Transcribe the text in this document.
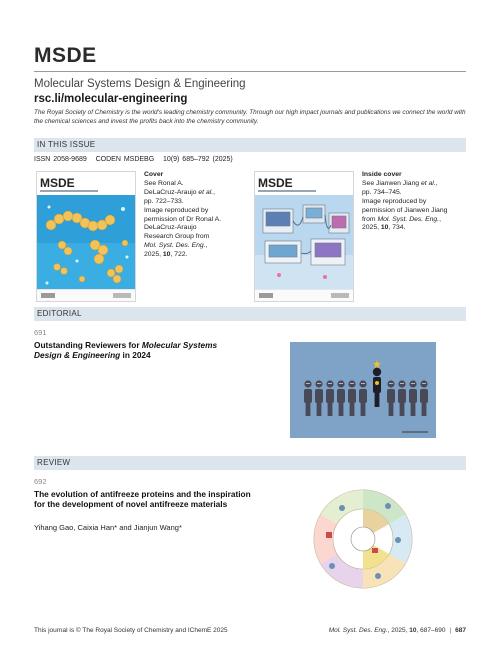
MSDE
Molecular Systems Design & Engineering
rsc.li/molecular-engineering
The Royal Society of Chemistry is the world's leading chemistry community. Through our high impact journals and publications we connect the world with the chemical sciences and invest the profits back into the chemistry community.
IN THIS ISSUE
ISSN 2058-9689 CODEN MSDEBG 10(9) 685–792 (2025)
MSDE
Cover
See Ronal A.
DeLaCruz-Araujo et al.,
pp. 722–733.
Image reproduced by permission of Dr Ronal A. DeLaCruz-Araujo Research Group from Mol. Syst. Des. Eng., 2025, 10, 722.
MSDE
Inside cover
See Jianwen Jiang et al.,
pp. 734–745.
Image reproduced by permission of Jianwen Jiang from Mol. Syst. Des. Eng., 2025, 10, 734.
EDITORIAL
691
Outstanding Reviewers for Molecular Systems Design & Engineering in 2024
REVIEW
692
The evolution of antifreeze proteins and the inspiration for the development of novel antifreeze materials
Yihang Gao, Caixia Han* and Jianjun Wang*
This journal is © The Royal Society of Chemistry and IChemE 2025	Mol. Syst. Des. Eng., 2025, 10, 687–690 | 687
